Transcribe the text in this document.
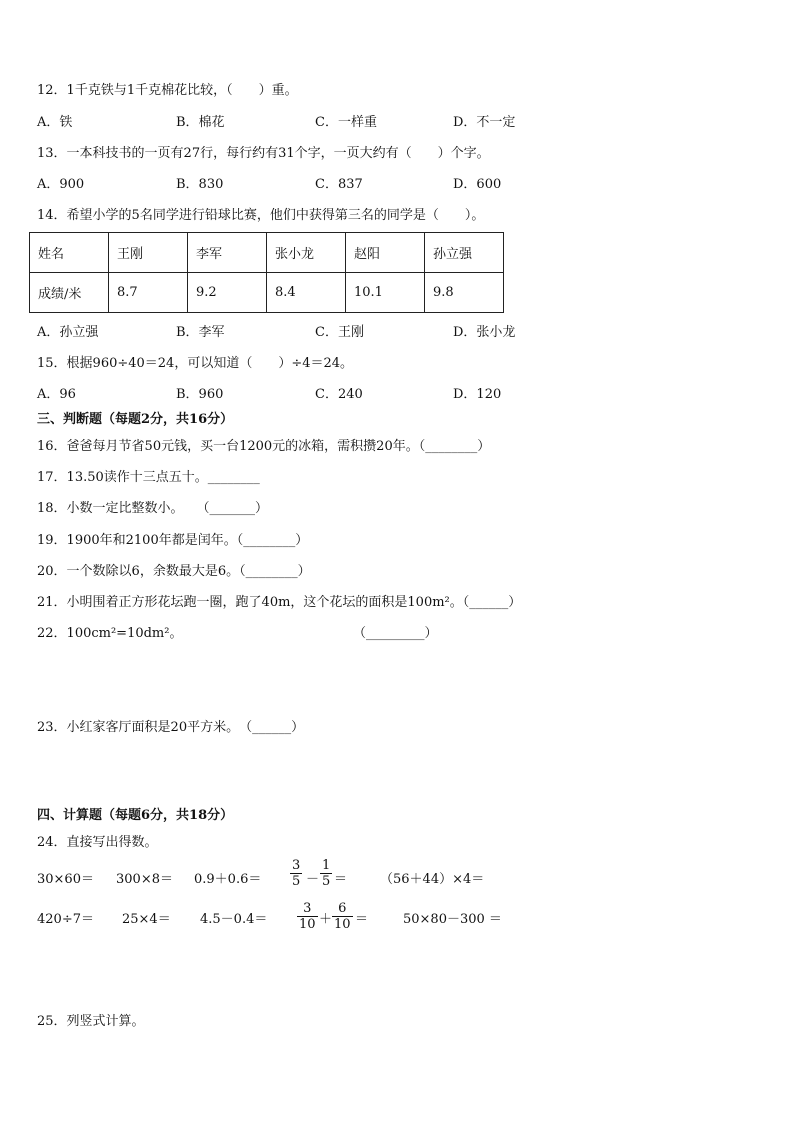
12．1千克铁与1千克棉花比较，（　　）重。
A．铁	B．棉花	C．一样重	D．不一定
13．一本科技书的一页有27行，每行约有31个字，一页大约有（　　）个字。
A．900	B．830	C．837	D．600
14．希望小学的5名同学进行铅球比赛，他们中获得第三名的同学是（　　）。
姓名	王刚	李军	张小龙	赵阳	孙立强
成绩/米	8.7	9.2	8.4	10.1	9.8
A．孙立强	B．李军	C．王刚	D．张小龙
15．根据960÷40＝24，可以知道（　　）÷4＝24。
A．96	B．960	C．240	D．120
三、判断题（每题2分，共16分）
16．爸爸每月节省50元钱，买一台1200元的冰箱，需积攒20年。（________）
17．13.50读作十三点五十。________
18．小数一定比整数小。　　（_______）
19．1900年和2100年都是闰年。（________）
20．一个数除以6，余数最大是6。（________）
21．小明围着正方形花坛跑一圈，跑了40m，这个花坛的面积是100m²。（______）
22．100cm²=10dm²。	（_________）
23．小红家客厅面积是20平方米。　（______）
四、计算题（每题6分，共18分）
24．直接写出得数。
30×60＝ 300×8＝ 0.9＋0.6＝
3
5 －
1
5 ＝	（56＋44）×4＝
420÷7＝ 25×4＝ 4.5－0.4＝
3
10 ＋
6
10 ＝	50×80－300 ＝
25．列竖式计算。
